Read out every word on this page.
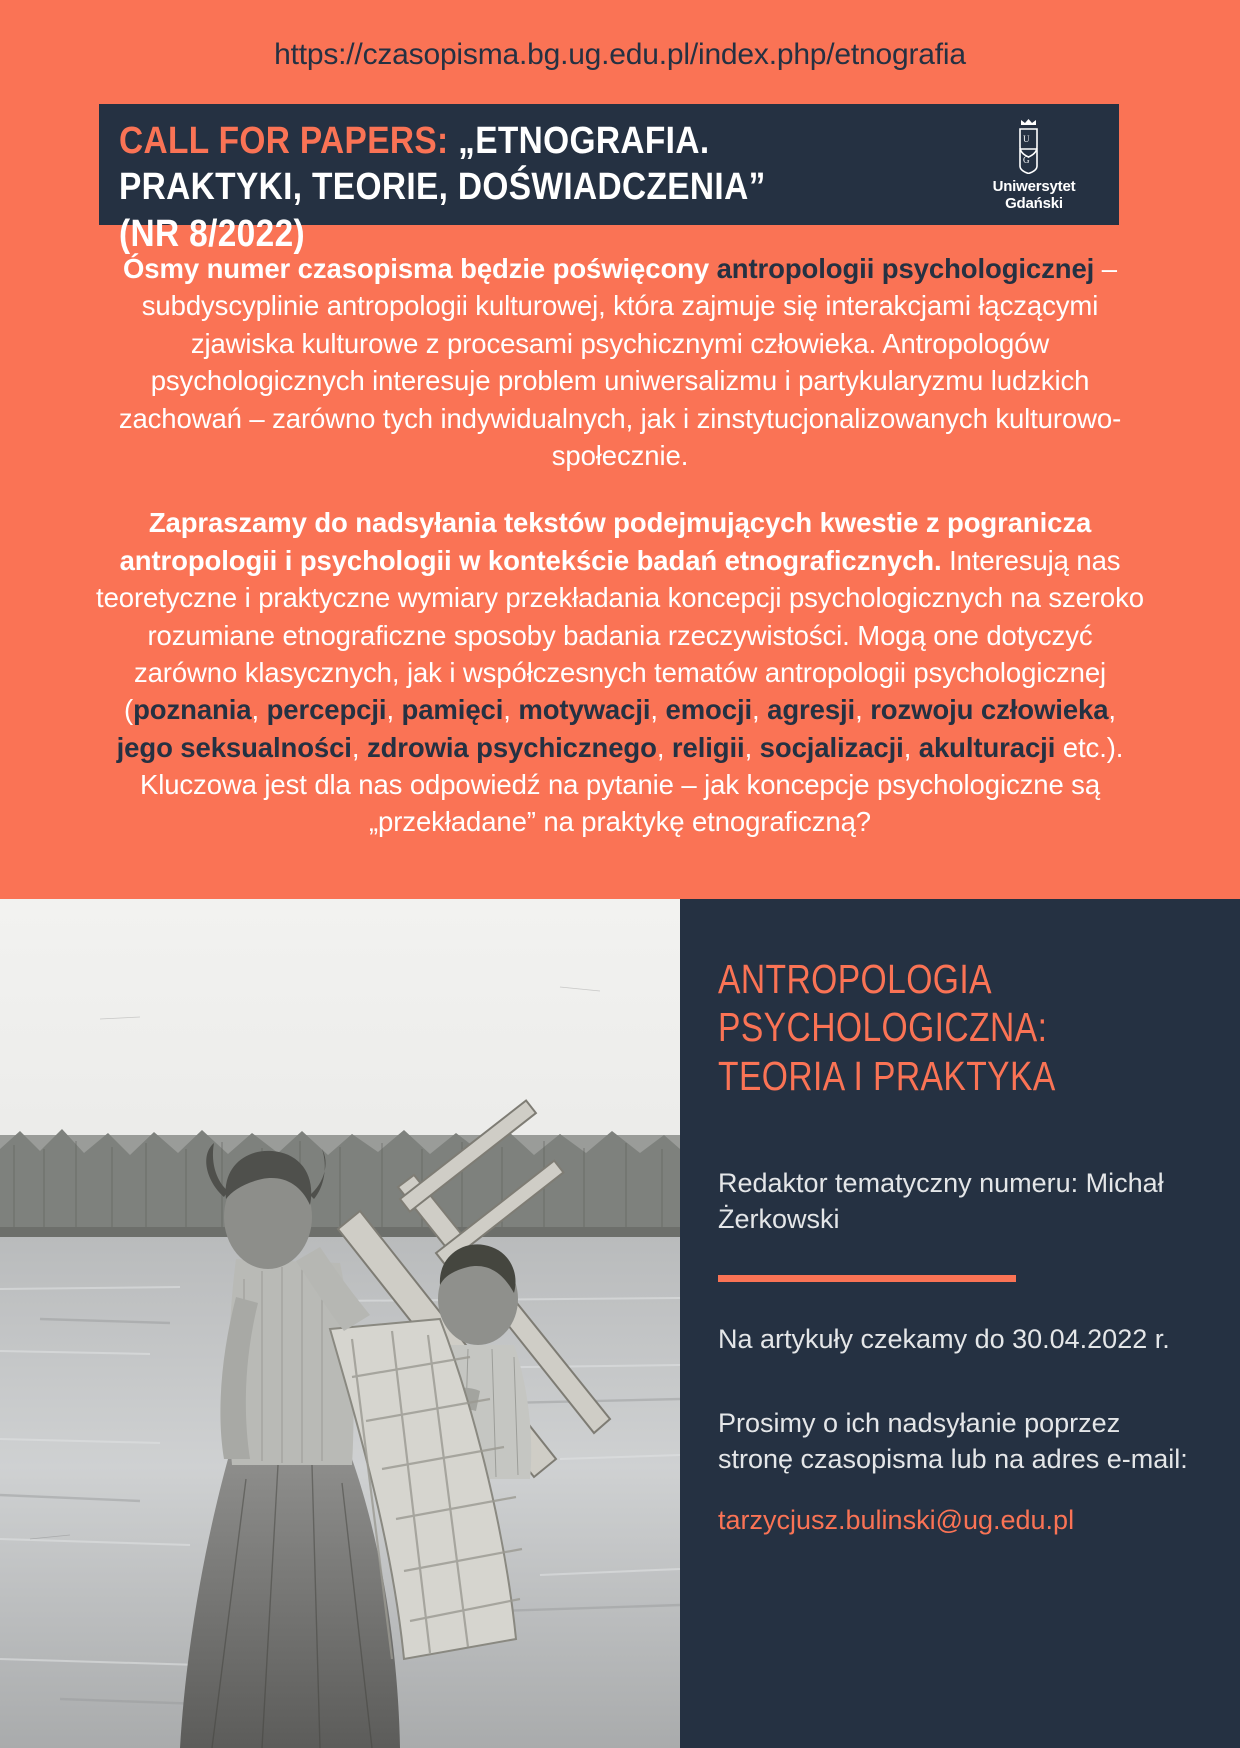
https://czasopisma.bg.ug.edu.pl/index.php/etnografia
CALL FOR PAPERS: „ETNOGRAFIA. PRAKTYKI, TEORIE, DOŚWIADCZENIA” (NR 8/2022)
U
G
Uniwersytet
Gdański

Ósmy numer czasopisma będzie poświęcony antropologii psychologicznej – subdyscyplinie antropologii kulturowej, która zajmuje się interakcjami łączącymi zjawiska kulturowe z procesami psychicznymi człowieka. Antropologów psychologicznych interesuje problem uniwersalizmu i partykularyzmu ludzkich zachowań – zarówno tych indywidualnych, jak i zinstytucjonalizowanych kulturowo-społecznie.

Zapraszamy do nadsyłania tekstów podejmujących kwestie z pogranicza antropologii i psychologii w kontekście badań etnograficznych. Interesują nas teoretyczne i praktyczne wymiary przekładania koncepcji psychologicznych na szeroko rozumiane etnograficzne sposoby badania rzeczywistości. Mogą one dotyczyć zarówno klasycznych, jak i współczesnych tematów antropologii psychologicznej (poznania, percepcji, pamięci, motywacji, emocji, agresji, rozwoju człowieka, jego seksualności, zdrowia psychicznego, religii, socjalizacji, akulturacji etc.). Kluczowa jest dla nas odpowiedź na pytanie – jak koncepcje psychologiczne są „przekładane” na praktykę etnograficzną?

ANTROPOLOGIA
PSYCHOLOGICZNA:
TEORIA I PRAKTYKA

Redaktor tematyczny numeru: Michał Żerkowski

Na artykuły czekamy do 30.04.2022 r.

Prosimy o ich nadsyłanie poprzez stronę czasopisma lub na adres e-mail:

tarzycjusz.bulinski@ug.edu.pl
